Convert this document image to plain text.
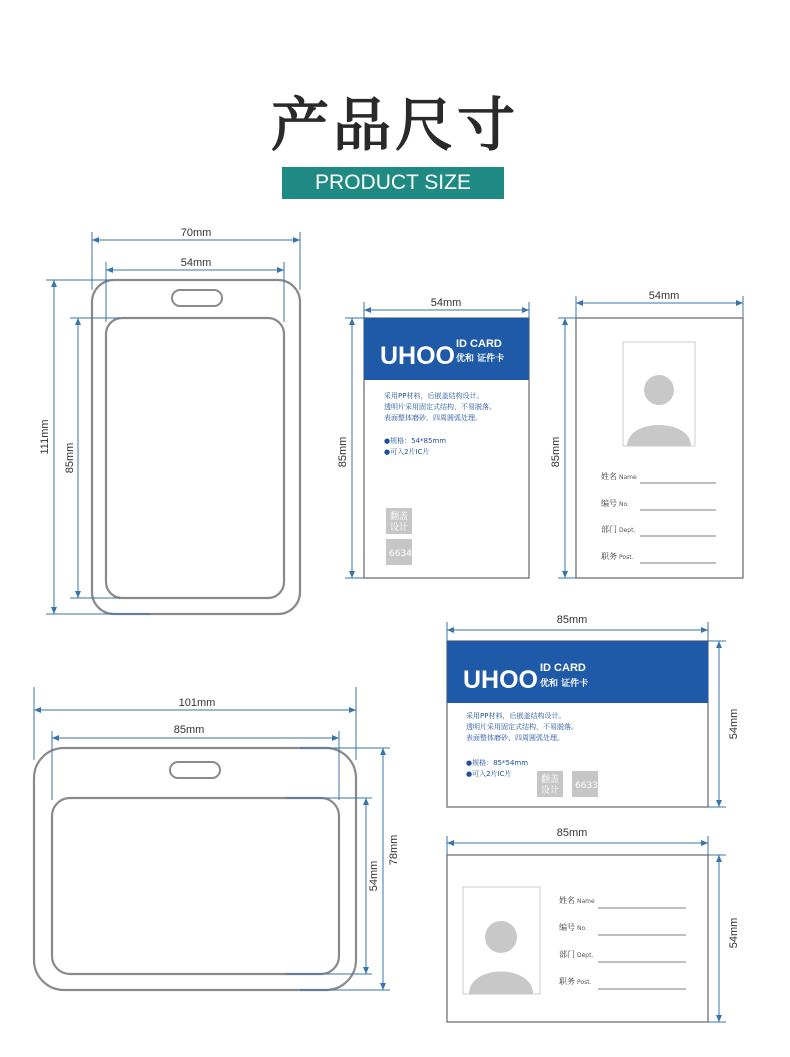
产品尺寸
PRODUCT SIZE
70mm
54mm
111mm
85mm
UHOO ID CARD
优和 证件卡
采用PP材料，后嵌盖结构设计。
透明片采用固定式结构，不易脱落。
表面整体磨砂、四周圆弧处理。
●规格：54*85mm
●可入2片IC片
翻盖
设计
6634
54mm
85mm
姓名 Name
编号 No.
部门 Dept.
职务 Post.
54mm
85mm
UHOO ID CARD
优和 证件卡
采用PP材料，后嵌盖结构设计。
透明片采用固定式结构，不易脱落。
表面整体磨砂、四周圆弧处理。
●规格：85*54mm
●可入2片IC片
翻盖
设计 6633
85mm
54mm
101mm
85mm
78mm
54mm
姓名 Name
编号 No.
部门 Dept.
职务 Post.
85mm
54mm
